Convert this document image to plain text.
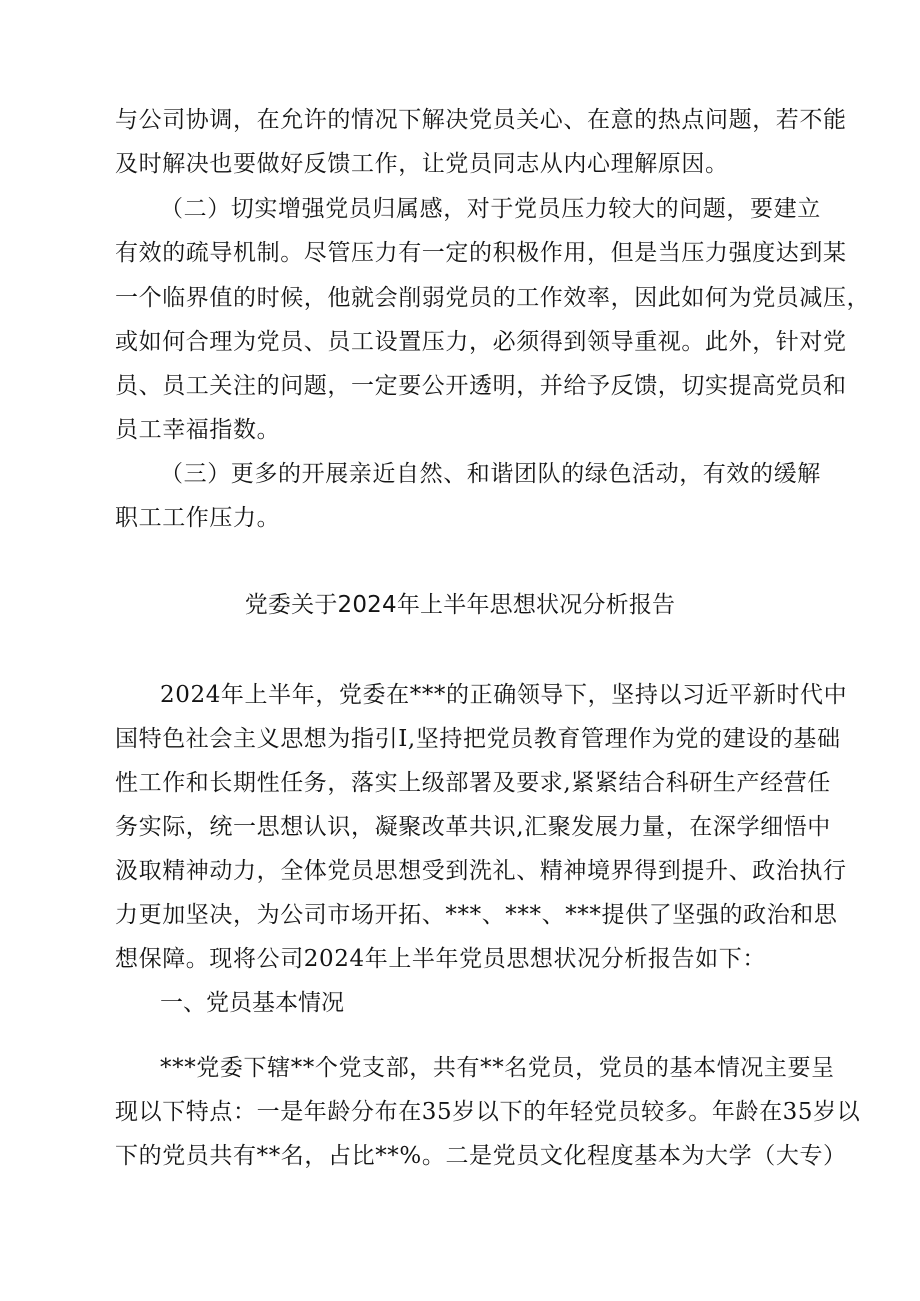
与公司协调，在允许的情况下解决党员关心、在意的热点问题，若不能
及时解决也要做好反馈工作，让党员同志从内心理解原因。
（二）切实增强党员归属感，对于党员压力较大的问题，要建立
有效的疏导机制。尽管压力有一定的积极作用，但是当压力强度达到某
一个临界值的时候，他就会削弱党员的工作效率，因此如何为党员减压，
或如何合理为党员、员工设置压力，必须得到领导重视。此外，针对党
员、员工关注的问题，一定要公开透明，并给予反馈，切实提高党员和
员工幸福指数。
（三）更多的开展亲近自然、和谐团队的绿色活动，有效的缓解
职工工作压力。
党委关于2024年上半年思想状况分析报告
2024年上半年，党委在***的正确领导下，坚持以习近平新时代中
国特色社会主义思想为指引I,坚持把党员教育管理作为党的建设的基础
性工作和长期性任务，落实上级部署及要求,紧紧结合科研生产经营任
务实际，统一思想认识，凝聚改革共识,汇聚发展力量，在深学细悟中
汲取精神动力，全体党员思想受到洗礼、精神境界得到提升、政治执行
力更加坚决，为公司市场开拓、***、***、***提供了坚强的政治和思
想保障。现将公司2024年上半年党员思想状况分析报告如下：
一、党员基本情况
***党委下辖**个党支部，共有**名党员，党员的基本情况主要呈
现以下特点：一是年龄分布在35岁以下的年轻党员较多。年龄在35岁以
下的党员共有**名，占比**%。二是党员文化程度基本为大学（大专）
